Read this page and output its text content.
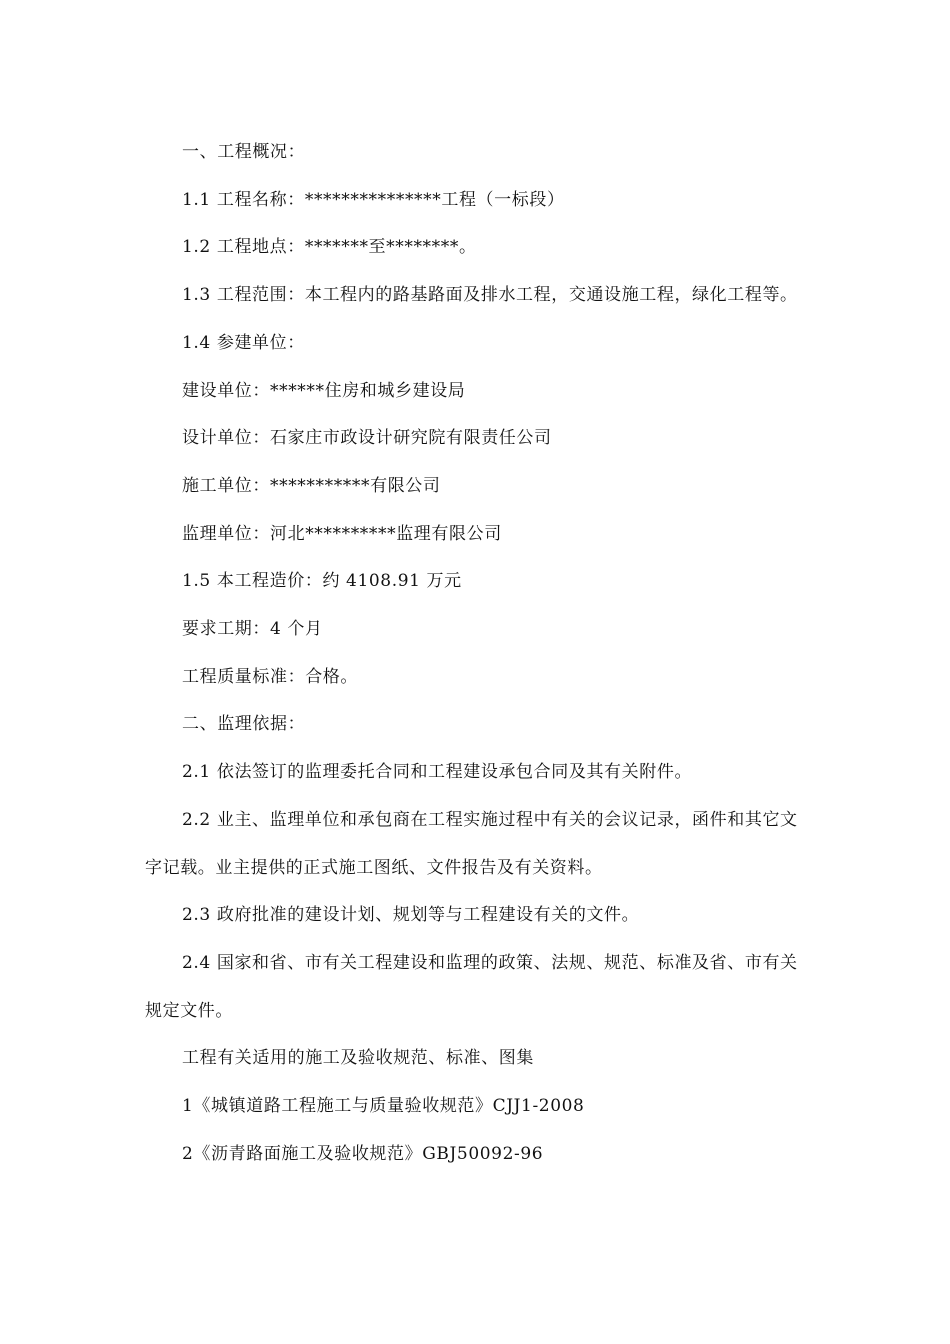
一、工程概况：

1.1 工程名称：***************工程（一标段）

1.2 工程地点：*******至********。

1.3 工程范围：本工程内的路基路面及排水工程，交通设施工程，绿化工程等。

1.4 参建单位：

建设单位：******住房和城乡建设局

设计单位：石家庄市政设计研究院有限责任公司

施工单位：***********有限公司

监理单位：河北**********监理有限公司

1.5 本工程造价：约 4108.91 万元

要求工期：4 个月

工程质量标准：合格。

二、监理依据：

2.1 依法签订的监理委托合同和工程建设承包合同及其有关附件。

2.2 业主、监理单位和承包商在工程实施过程中有关的会议记录，函件和其它文字记载。业主提供的正式施工图纸、文件报告及有关资料。

2.3 政府批准的建设计划、规划等与工程建设有关的文件。

2.4 国家和省、市有关工程建设和监理的政策、法规、规范、标准及省、市有关规定文件。

工程有关适用的施工及验收规范、标准、图集

1《城镇道路工程施工与质量验收规范》CJJ1-2008

2《沥青路面施工及验收规范》GBJ50092-96
